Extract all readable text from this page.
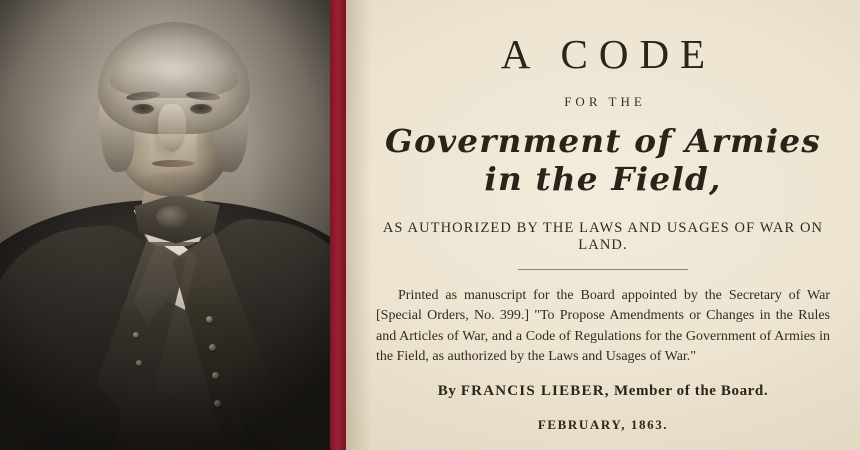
A CODE
FOR THE
Government of Armies in the Field,
AS AUTHORIZED BY THE LAWS AND USAGES OF WAR ON LAND.
Printed as manuscript for the Board appointed by the Secretary of War [Special Orders, No. 399.] "To Propose Amendments or Changes in the Rules and Articles of War, and a Code of Regulations for the Government of Armies in the Field, as authorized by the Laws and Usages of War."
By FRANCIS LIEBER, Member of the Board.
FEBRUARY, 1863.
